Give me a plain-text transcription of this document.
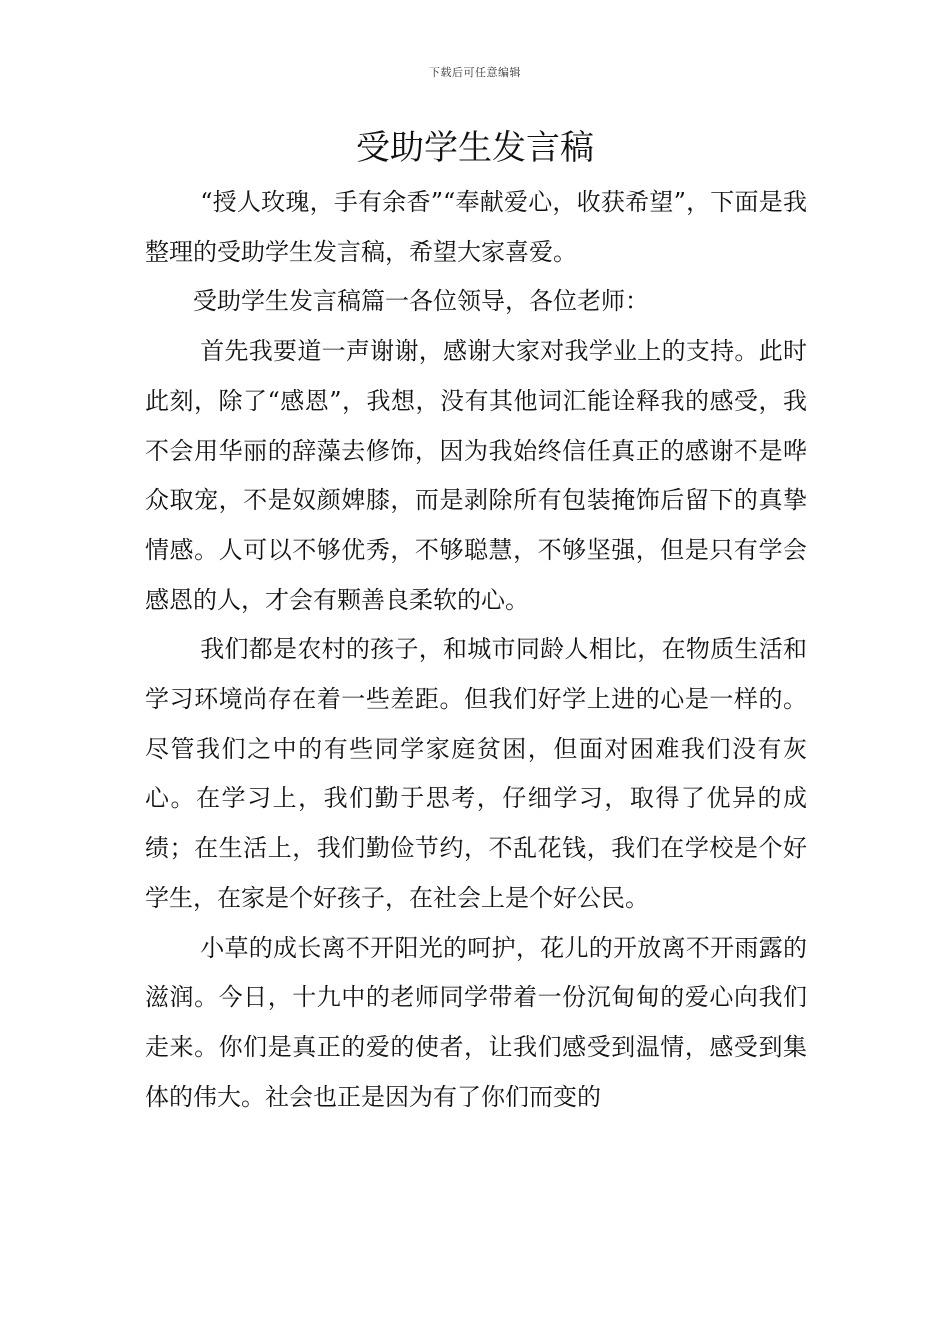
下载后可任意编辑
受助学生发言稿

“授人玫瑰，手有余香”“奉献爱心，收获希望”，下面是我整理的受助学生发言稿，希望大家喜爱。

受助学生发言稿篇一各位领导，各位老师：

首先我要道一声谢谢，感谢大家对我学业上的支持。此时此刻，除了“感恩”，我想，没有其他词汇能诠释我的感受，我不会用华丽的辞藻去修饰，因为我始终信任真正的感谢不是哗众取宠，不是奴颜婢膝，而是剥除所有包装掩饰后留下的真挚情感。人可以不够优秀，不够聪慧，不够坚强，但是只有学会感恩的人，才会有颗善良柔软的心。

我们都是农村的孩子，和城市同龄人相比，在物质生活和学习环境尚存在着一些差距。但我们好学上进的心是一样的。尽管我们之中的有些同学家庭贫困，但面对困难我们没有灰心。在学习上，我们勤于思考，仔细学习，取得了优异的成绩；在生活上，我们勤俭节约，不乱花钱，我们在学校是个好学生，在家是个好孩子，在社会上是个好公民。

小草的成长离不开阳光的呵护，花儿的开放离不开雨露的滋润。今日，十九中的老师同学带着一份沉甸甸的爱心向我们走来。你们是真正的爱的使者，让我们感受到温情，感受到集体的伟大。社会也正是因为有了你们而变的
